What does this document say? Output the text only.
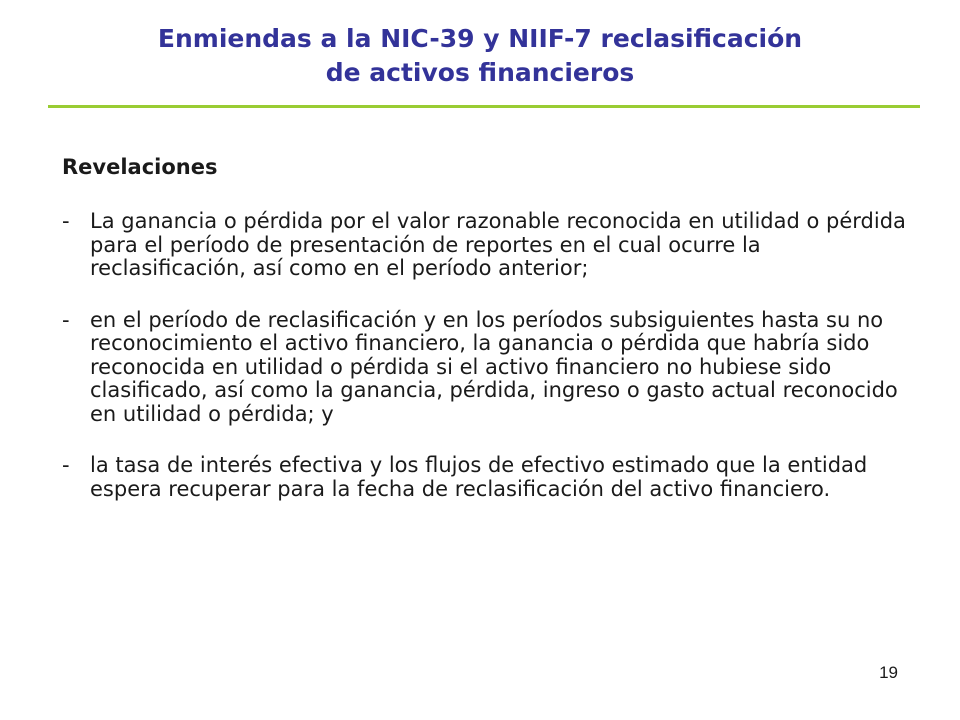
Enmiendas a la NIC-39 y NIIF-7 reclasificación
de activos financieros
Revelaciones
- La ganancia o pérdida por el valor razonable reconocida en utilidad o pérdida para el período de presentación de reportes en el cual ocurre la reclasificación, así como en el período anterior;
- en el período de reclasificación y en los períodos subsiguientes hasta su no reconocimiento el activo financiero, la ganancia o pérdida que habría sido reconocida en utilidad o pérdida si el activo financiero no hubiese sido clasificado, así como la ganancia, pérdida, ingreso o gasto actual reconocido en utilidad o pérdida; y
- la tasa de interés efectiva y los flujos de efectivo estimado que la entidad espera recuperar para la fecha de reclasificación del activo financiero.
19
